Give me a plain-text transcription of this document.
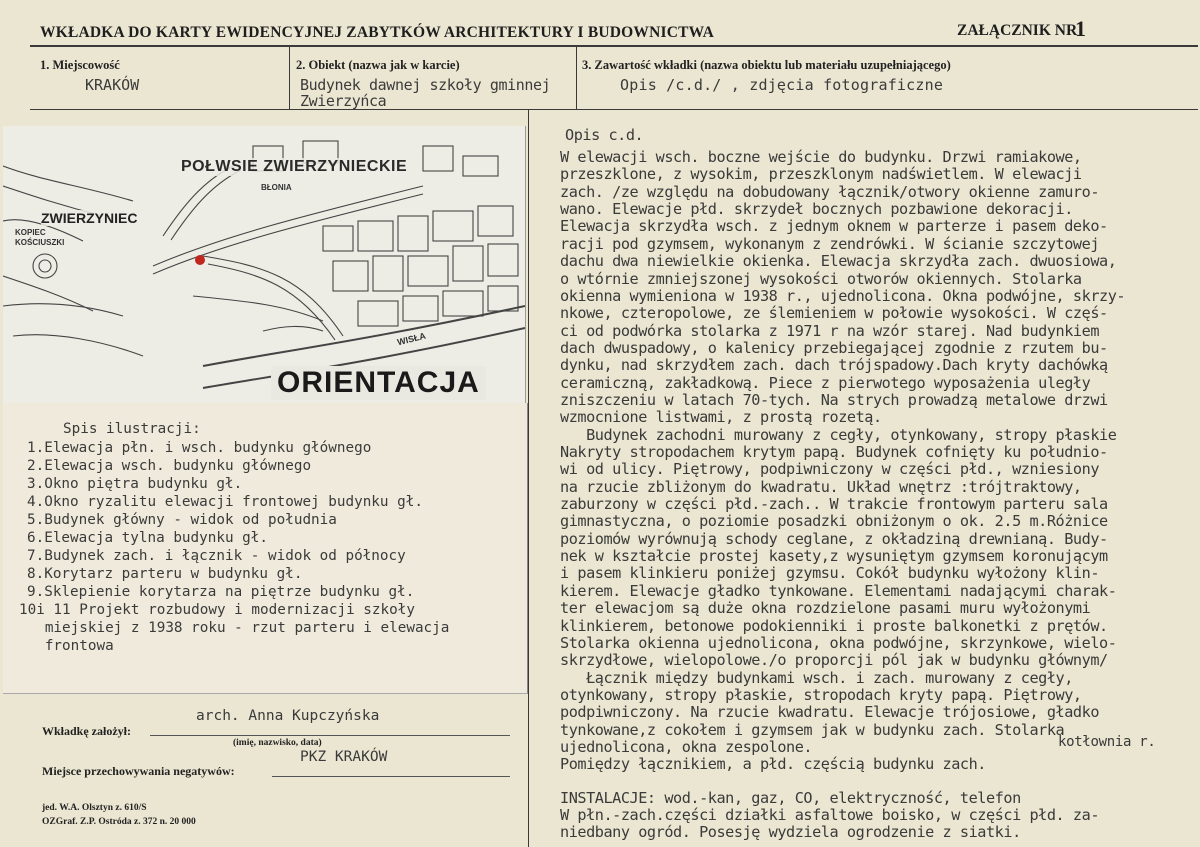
WKŁADKA DO KARTY EWIDENCYJNEJ ZABYTKÓW ARCHITEKTURY I BUDOWNICTWA	ZAŁĄCZNIK NR
1
1. Miejscowość
KRAKÓW
2. Obiekt (nazwa jak w karcie)
Budynek dawnej szkoły gminnej
Zwierzyńca
3. Zawartość wkładki (nazwa obiektu lub materiału uzupełniającego)
Opis /c.d./ , zdjęcia fotograficzne
POŁWSIE ZWIERZYNIECKIE
BŁONIA
ZWIERZYNIEC
KOPIEC
KOŚCIUSZKI
WISŁA
ORIENTACJA
Spis ilustracji:
1.Elewacja płn. i wsch. budynku głównego
2.Elewacja wsch. budynku głównego
3.Okno piętra budynku gł.
4.Okno ryzalitu elewacji frontowej budynku gł.
5.Budynek główny - widok od południa
6.Elewacja tylna budynku gł.
7.Budynek zach. i łącznik - widok od północy
8.Korytarz parteru w budynku gł.
9.Sklepienie korytarza na piętrze budynku gł.
10i 11 Projekt rozbudowy i modernizacji szkoły
miejskiej z 1938 roku - rzut parteru i elewacja
frontowa
Opis c.d.
W elewacji wsch. boczne wejście do budynku. Drzwi ramiakowe,
przeszklone, z wysokim, przeszklonym nadświetlem. W elewacji
zach. /ze względu na dobudowany łącznik/otwory okienne zamuro-
wano. Elewacje płd. skrzydeł bocznych pozbawione dekoracji.
Elewacja skrzydła wsch. z jednym oknem w parterze i pasem deko-
racji pod gzymsem, wykonanym z zendrówki. W ścianie szczytowej
dachu dwa niewielkie okienka. Elewacja skrzydła zach. dwuosiowa,
o wtórnie zmniejszonej wysokości otworów okiennych. Stolarka
okienna wymieniona w 1938 r., ujednolicona. Okna podwójne, skrzy-
nkowe, czteropolowe, ze ślemieniem w połowie wysokości. W częś-
ci od podwórka stolarka z 1971 r na wzór starej. Nad budynkiem
dach dwuspadowy, o kalenicy przebiegającej zgodnie z rzutem bu-
dynku, nad skrzydłem zach. dach trójspadowy.Dach kryty dachówką
ceramiczną, zakładkową. Piece z pierwotego wyposażenia uległy
zniszczeniu w latach 70-tych. Na strych prowadzą metalowe drzwi
wzmocnione listwami, z prostą rozetą.
Budynek zachodni murowany z cegły, otynkowany, stropy płaskie
Nakryty stropodachem krytym papą. Budynek cofnięty ku południo-
wi od ulicy. Piętrowy, podpiwniczony w części płd., wzniesiony
na rzucie zbliżonym do kwadratu. Układ wnętrz :trójtraktowy,
zaburzony w części płd.-zach.. W trakcie frontowym parteru sala
gimnastyczna, o poziomie posadzki obniżonym o ok. 2.5 m.Różnice
poziomów wyrównują schody ceglane, z okładziną drewnianą. Budy-
nek w kształcie prostej kasety,z wysuniętym gzymsem koronującym
i pasem klinkieru poniżej gzymsu. Cokół budynku wyłożony klin-
kierem. Elewacje gładko tynkowane. Elementami nadającymi charak-
ter elewacjom są duże okna rozdzielone pasami muru wyłożonymi
klinkierem, betonowe podokienniki i proste balkonetki z prętów.
Stolarka okienna ujednolicona, okna podwójne, skrzynkowe, wielo-
skrzydłowe, wielopolowe./o proporcji pól jak w budynku głównym/
Łącznik między budynkami wsch. i zach. murowany z cegły,
otynkowany, stropy płaskie, stropodach kryty papą. Piętrowy,
podpiwniczony. Na rzucie kwadratu. Elewacje trójosiowe, gładko
tynkowane,z cokołem i gzymsem jak w budynku zach. Stolarka
ujednolicona, okna zespolone.
Pomiędzy łącznikiem, a płd. częścią budynku zach.
INSTALACJE: wod.-kan, gaz, CO, elektryczność, telefon
W płn.-zach.części działki asfaltowe boisko, w części płd. za-
niedbany ogród. Posesję wydziela ogrodzenie z siatki.
kotłownia r.
Wkładkę założył:
arch. Anna Kupczyńska
(imię, nazwisko, data)
Miejsce przechowywania negatywów:
PKZ KRAKÓW
jed. W.A. Olsztyn z. 610/S
OZGraf. Z.P. Ostróda z. 372 n. 20 000
